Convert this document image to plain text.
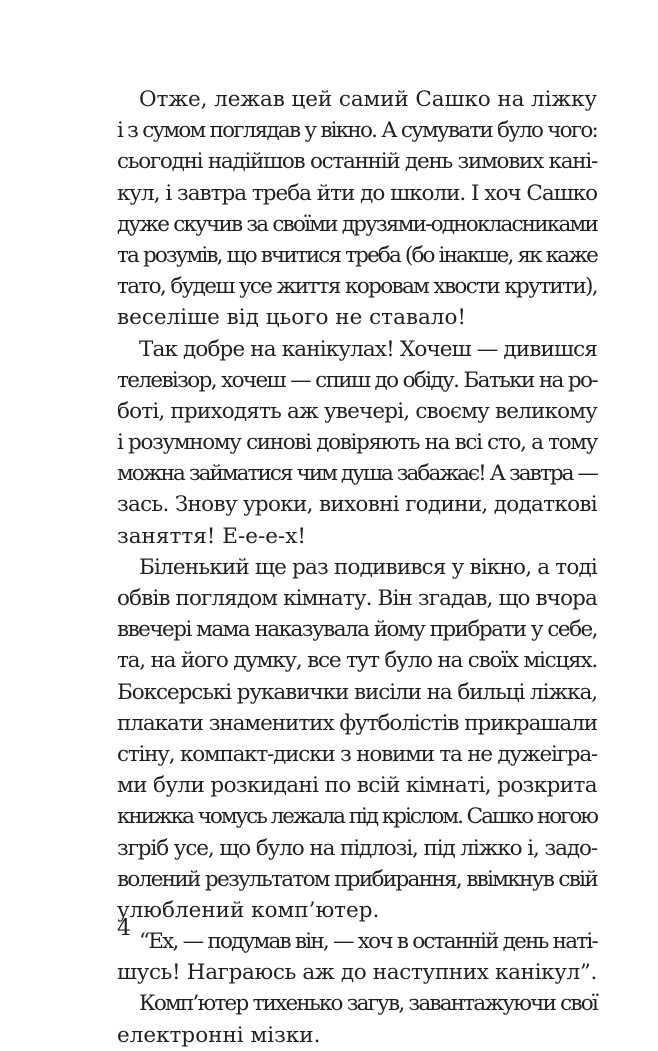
Отже, лежав цей самий Сашко на ліжку
і з сумом поглядав у вікно. А сумувати було чого:
сьогодні надійшов останній день зимових кані-
кул, і завтра треба йти до школи. І хоч Сашко
дуже скучив за своїми друзями-однокласниками
та розумів, що вчитися треба (бо інакше, як каже
тато, будеш усе життя коровам хвости крутити),
веселіше від цього не ставало!
Так добре на канікулах! Хочеш — дивишся
телевізор, хочеш — спиш до обіду. Батьки на ро-
боті, приходять аж увечері, своєму великому
і розумному синові довіряють на всі сто, а тому
можна займатися чим душа забажає! А завтра —
зась. Знову уроки, виховні години, додаткові
заняття! Е-е-е-х!
Біленький ще раз подивився у вікно, а тоді
обвів поглядом кімнату. Він згадав, що вчора
ввечері мама наказувала йому прибрати у себе,
та, на його думку, все тут було на своїх місцях.
Боксерські рукавички висіли на бильці ліжка,
плакати знаменитих футболістів прикрашали
стіну, компакт-диски з новими та не дужеігра-
ми були розкидані по всій кімнаті, розкрита
книжка чомусь лежала під кріслом. Сашко ногою
згріб усе, що було на підлозі, під ліжко і, задо-
волений результатом прибирання, ввімкнув свій
улюблений комп’ютер.
“Ех, — подумав він, — хоч в останній день наті-
шусь! Награюсь аж до наступних канікул”.
Комп’ютер тихенько загув, завантажуючи свої
електронні мізки.
4
